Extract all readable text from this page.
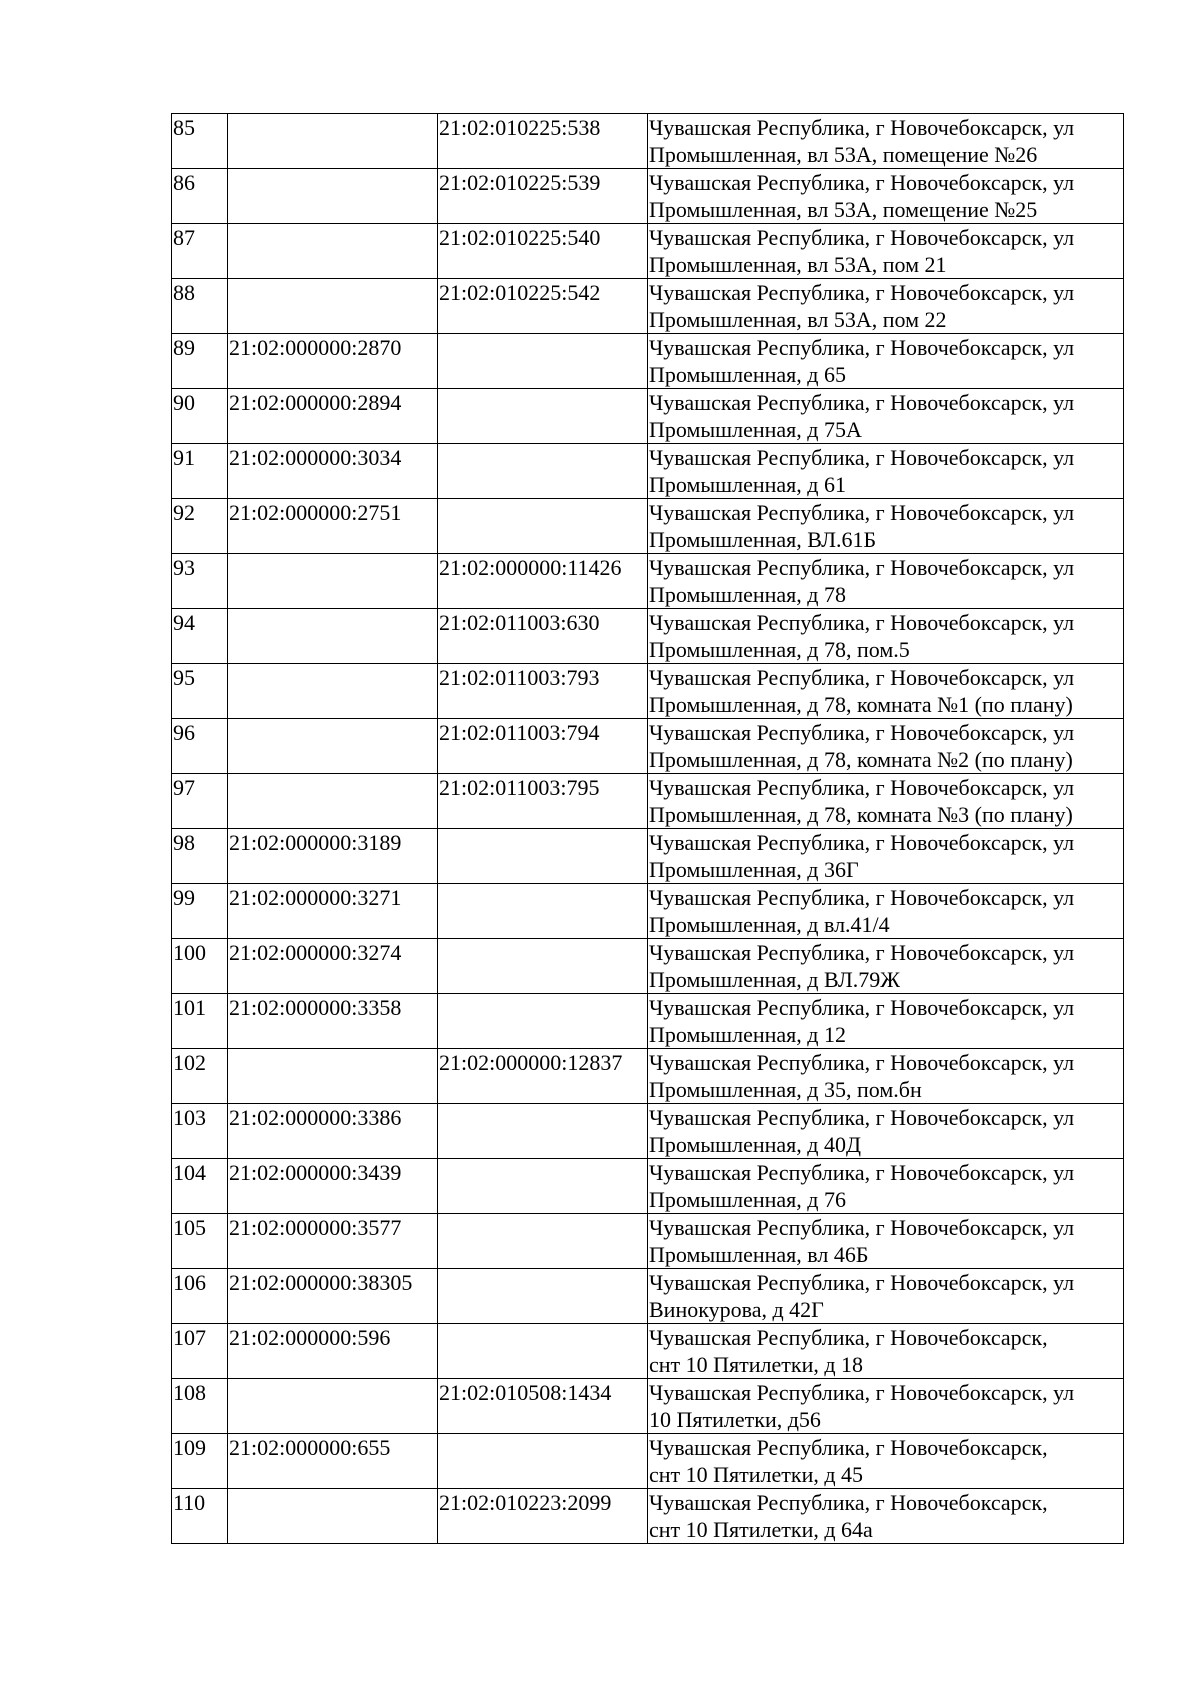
85		21:02:010225:538	Чувашская Республика, г Новочебоксарск, ул
Промышленная, вл 53А, помещение №26
86		21:02:010225:539	Чувашская Республика, г Новочебоксарск, ул
Промышленная, вл 53А, помещение №25
87		21:02:010225:540	Чувашская Республика, г Новочебоксарск, ул
Промышленная, вл 53А, пом 21
88		21:02:010225:542	Чувашская Республика, г Новочебоксарск, ул
Промышленная, вл 53А, пом 22
89	21:02:000000:2870		Чувашская Республика, г Новочебоксарск, ул
Промышленная, д 65
90	21:02:000000:2894		Чувашская Республика, г Новочебоксарск, ул
Промышленная, д 75А
91	21:02:000000:3034		Чувашская Республика, г Новочебоксарск, ул
Промышленная, д 61
92	21:02:000000:2751		Чувашская Республика, г Новочебоксарск, ул
Промышленная, ВЛ.61Б
93		21:02:000000:11426	Чувашская Республика, г Новочебоксарск, ул
Промышленная, д 78
94		21:02:011003:630	Чувашская Республика, г Новочебоксарск, ул
Промышленная, д 78, пом.5
95		21:02:011003:793	Чувашская Республика, г Новочебоксарск, ул
Промышленная, д 78, комната №1 (по плану)
96		21:02:011003:794	Чувашская Республика, г Новочебоксарск, ул
Промышленная, д 78, комната №2 (по плану)
97		21:02:011003:795	Чувашская Республика, г Новочебоксарск, ул
Промышленная, д 78, комната №3 (по плану)
98	21:02:000000:3189		Чувашская Республика, г Новочебоксарск, ул
Промышленная, д 36Г
99	21:02:000000:3271		Чувашская Республика, г Новочебоксарск, ул
Промышленная, д вл.41/4
100	21:02:000000:3274		Чувашская Республика, г Новочебоксарск, ул
Промышленная, д ВЛ.79Ж
101	21:02:000000:3358		Чувашская Республика, г Новочебоксарск, ул
Промышленная, д 12
102		21:02:000000:12837	Чувашская Республика, г Новочебоксарск, ул
Промышленная, д 35, пом.бн
103	21:02:000000:3386		Чувашская Республика, г Новочебоксарск, ул
Промышленная, д 40Д
104	21:02:000000:3439		Чувашская Республика, г Новочебоксарск, ул
Промышленная, д 76
105	21:02:000000:3577		Чувашская Республика, г Новочебоксарск, ул
Промышленная, вл 46Б
106	21:02:000000:38305		Чувашская Республика, г Новочебоксарск, ул
Винокурова, д 42Г
107	21:02:000000:596		Чувашская Республика, г Новочебоксарск,
снт 10 Пятилетки, д 18
108		21:02:010508:1434	Чувашская Республика, г Новочебоксарск, ул
10 Пятилетки, д56
109	21:02:000000:655		Чувашская Республика, г Новочебоксарск,
снт 10 Пятилетки, д 45
110		21:02:010223:2099	Чувашская Республика, г Новочебоксарск,
снт 10 Пятилетки, д 64а
